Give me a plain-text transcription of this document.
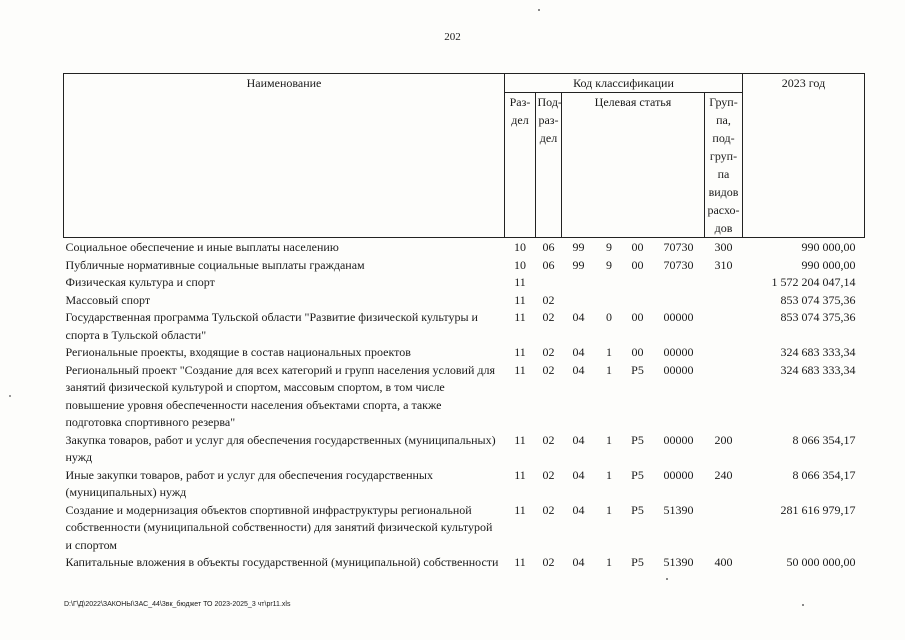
202
Наименование	Код классификации							2023 год
	Раз-дел	Под-раз-дел	Целевая статья				Груп-па, под-груп-па видов расхо-дов	
Социальное обеспечение и иные выплаты населению	10	06	99	9	00	70730	300	990 000,00
Публичные нормативные социальные выплаты гражданам	10	06	99	9	00	70730	310	990 000,00
Физическая культура и спорт	11							1 572 204 047,14
Массовый спорт	11	02						853 074 375,36
Государственная программа Тульской области "Развитие физической культуры и спорта в Тульской области"	11	02	04	0	00	00000		853 074 375,36
Региональные проекты, входящие в состав национальных проектов	11	02	04	1	00	00000		324 683 333,34
Региональный проект "Создание для всех категорий и групп населения условий для занятий физической культурой и спортом, массовым спортом, в том числе повышение уровня обеспеченности населения объектами спорта, а также подготовка спортивного резерва"	11	02	04	1	P5	00000		324 683 333,34
Закупка товаров, работ и услуг для обеспечения государственных (муниципальных) нужд	11	02	04	1	P5	00000	200	8 066 354,17
Иные закупки товаров, работ и услуг для обеспечения государственных (муниципальных) нужд	11	02	04	1	P5	00000	240	8 066 354,17
Создание и модернизация объектов спортивной инфраструктуры региональной собственности (муниципальной собственности) для занятий физической культурой и спортом	11	02	04	1	P5	51390		281 616 979,17
Капитальные вложения в объекты государственной (муниципальной) собственности	11	02	04	1	P5	51390	400	50 000 000,00
D:\Г\Д\2022\ЗАКОНЫ\ЗАС_44\3вк_бюджет ТО 2023-2025_3 чт\pr11.xls
